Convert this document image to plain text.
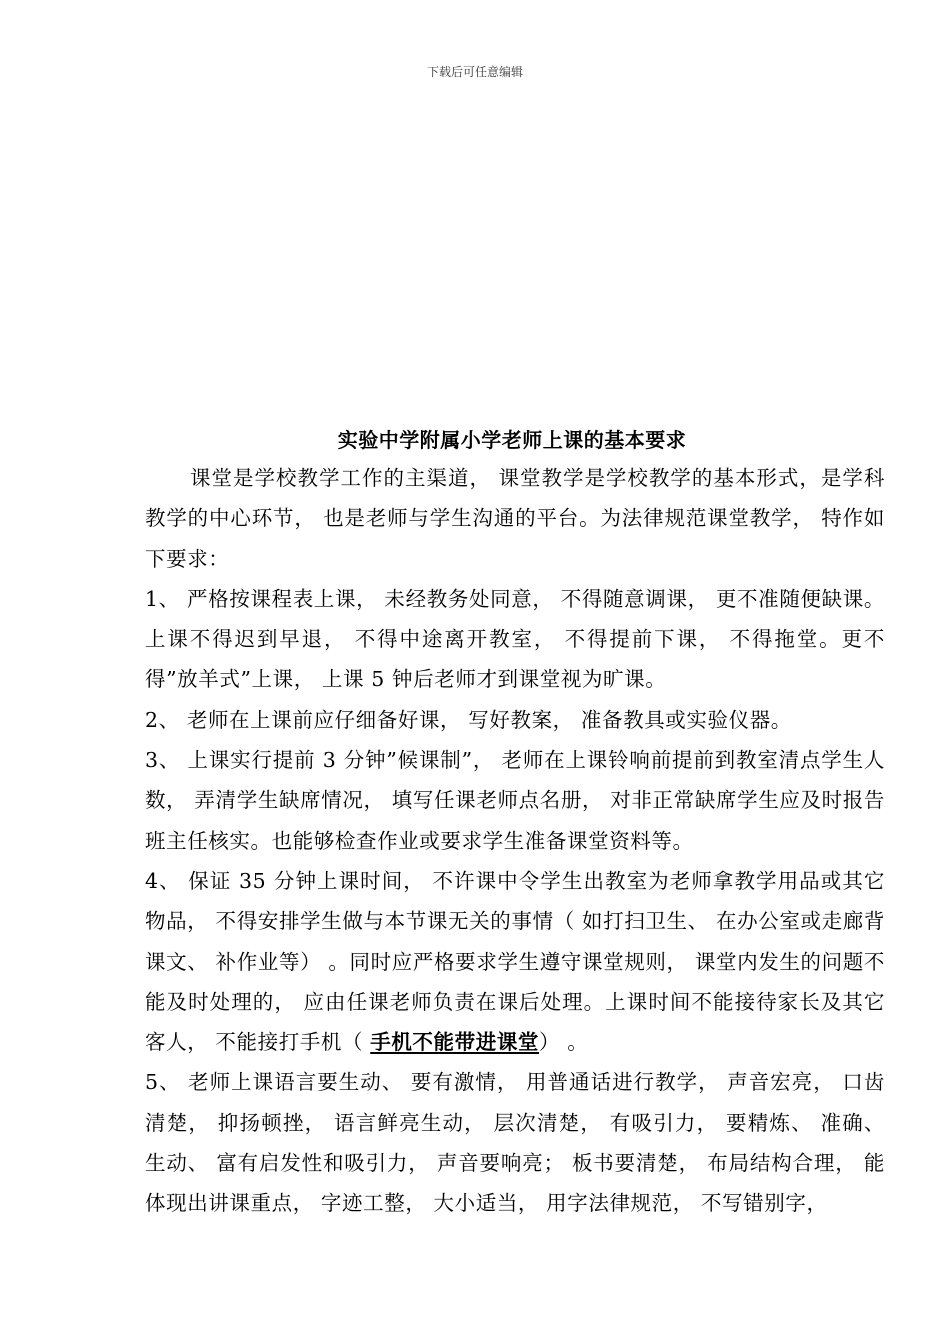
下载后可任意编辑
实验中学附属小学老师上课的基本要求

课堂是学校教学工作的主渠道， 课堂教学是学校教学的基本形式，是学科教学的中心环节， 也是老师与学生沟通的平台。为法律规范课堂教学， 特作如下要求：

1、 严格按课程表上课， 未经教务处同意， 不得随意调课， 更不准随便缺课。上课不得迟到早退， 不得中途离开教室， 不得提前下课， 不得拖堂。更不得”放羊式”上课， 上课 5 钟后老师才到课堂视为旷课。

2、 老师在上课前应仔细备好课， 写好教案， 准备教具或实验仪器。

3、 上课实行提前 3 分钟”候课制”， 老师在上课铃响前提前到教室清点学生人数， 弄清学生缺席情况， 填写任课老师点名册， 对非正常缺席学生应及时报告班主任核实。也能够检查作业或要求学生准备课堂资料等。

4、 保证 35 分钟上课时间， 不许课中令学生出教室为老师拿教学用品或其它物品， 不得安排学生做与本节课无关的事情（ 如打扫卫生、 在办公室或走廊背课文、 补作业等） 。同时应严格要求学生遵守课堂规则， 课堂内发生的问题不能及时处理的， 应由任课老师负责在课后处理。上课时间不能接待家长及其它客人， 不能接打手机（ 手机不能带进课堂） 。

5、 老师上课语言要生动、 要有激情， 用普通话进行教学， 声音宏亮， 口齿清楚， 抑扬顿挫， 语言鲜亮生动， 层次清楚， 有吸引力， 要精炼、 准确、 生动、 富有启发性和吸引力， 声音要响亮； 板书要清楚， 布局结构合理， 能体现出讲课重点， 字迹工整， 大小适当， 用字法律规范， 不写错别字，
